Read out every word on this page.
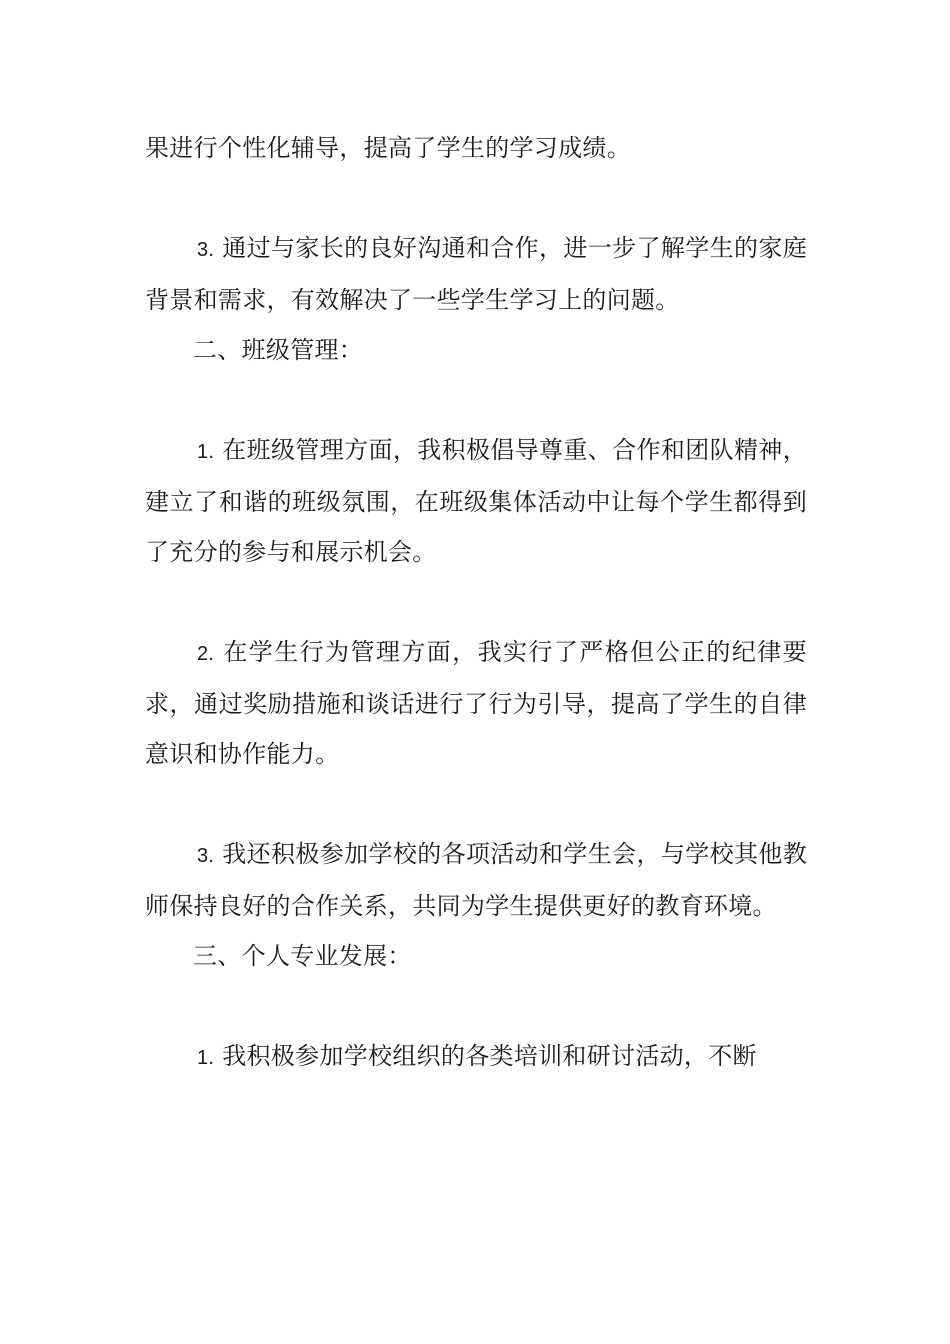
果进行个性化辅导，提高了学生的学习成绩。

3. 通过与家长的良好沟通和合作，进一步了解学生的家庭背景和需求，有效解决了一些学生学习上的问题。

二、班级管理：

1. 在班级管理方面，我积极倡导尊重、合作和团队精神，建立了和谐的班级氛围，在班级集体活动中让每个学生都得到了充分的参与和展示机会。

2. 在学生行为管理方面，我实行了严格但公正的纪律要求，通过奖励措施和谈话进行了行为引导，提高了学生的自律意识和协作能力。

3. 我还积极参加学校的各项活动和学生会，与学校其他教师保持良好的合作关系，共同为学生提供更好的教育环境。

三、个人专业发展：

1. 我积极参加学校组织的各类培训和研讨活动，不断
